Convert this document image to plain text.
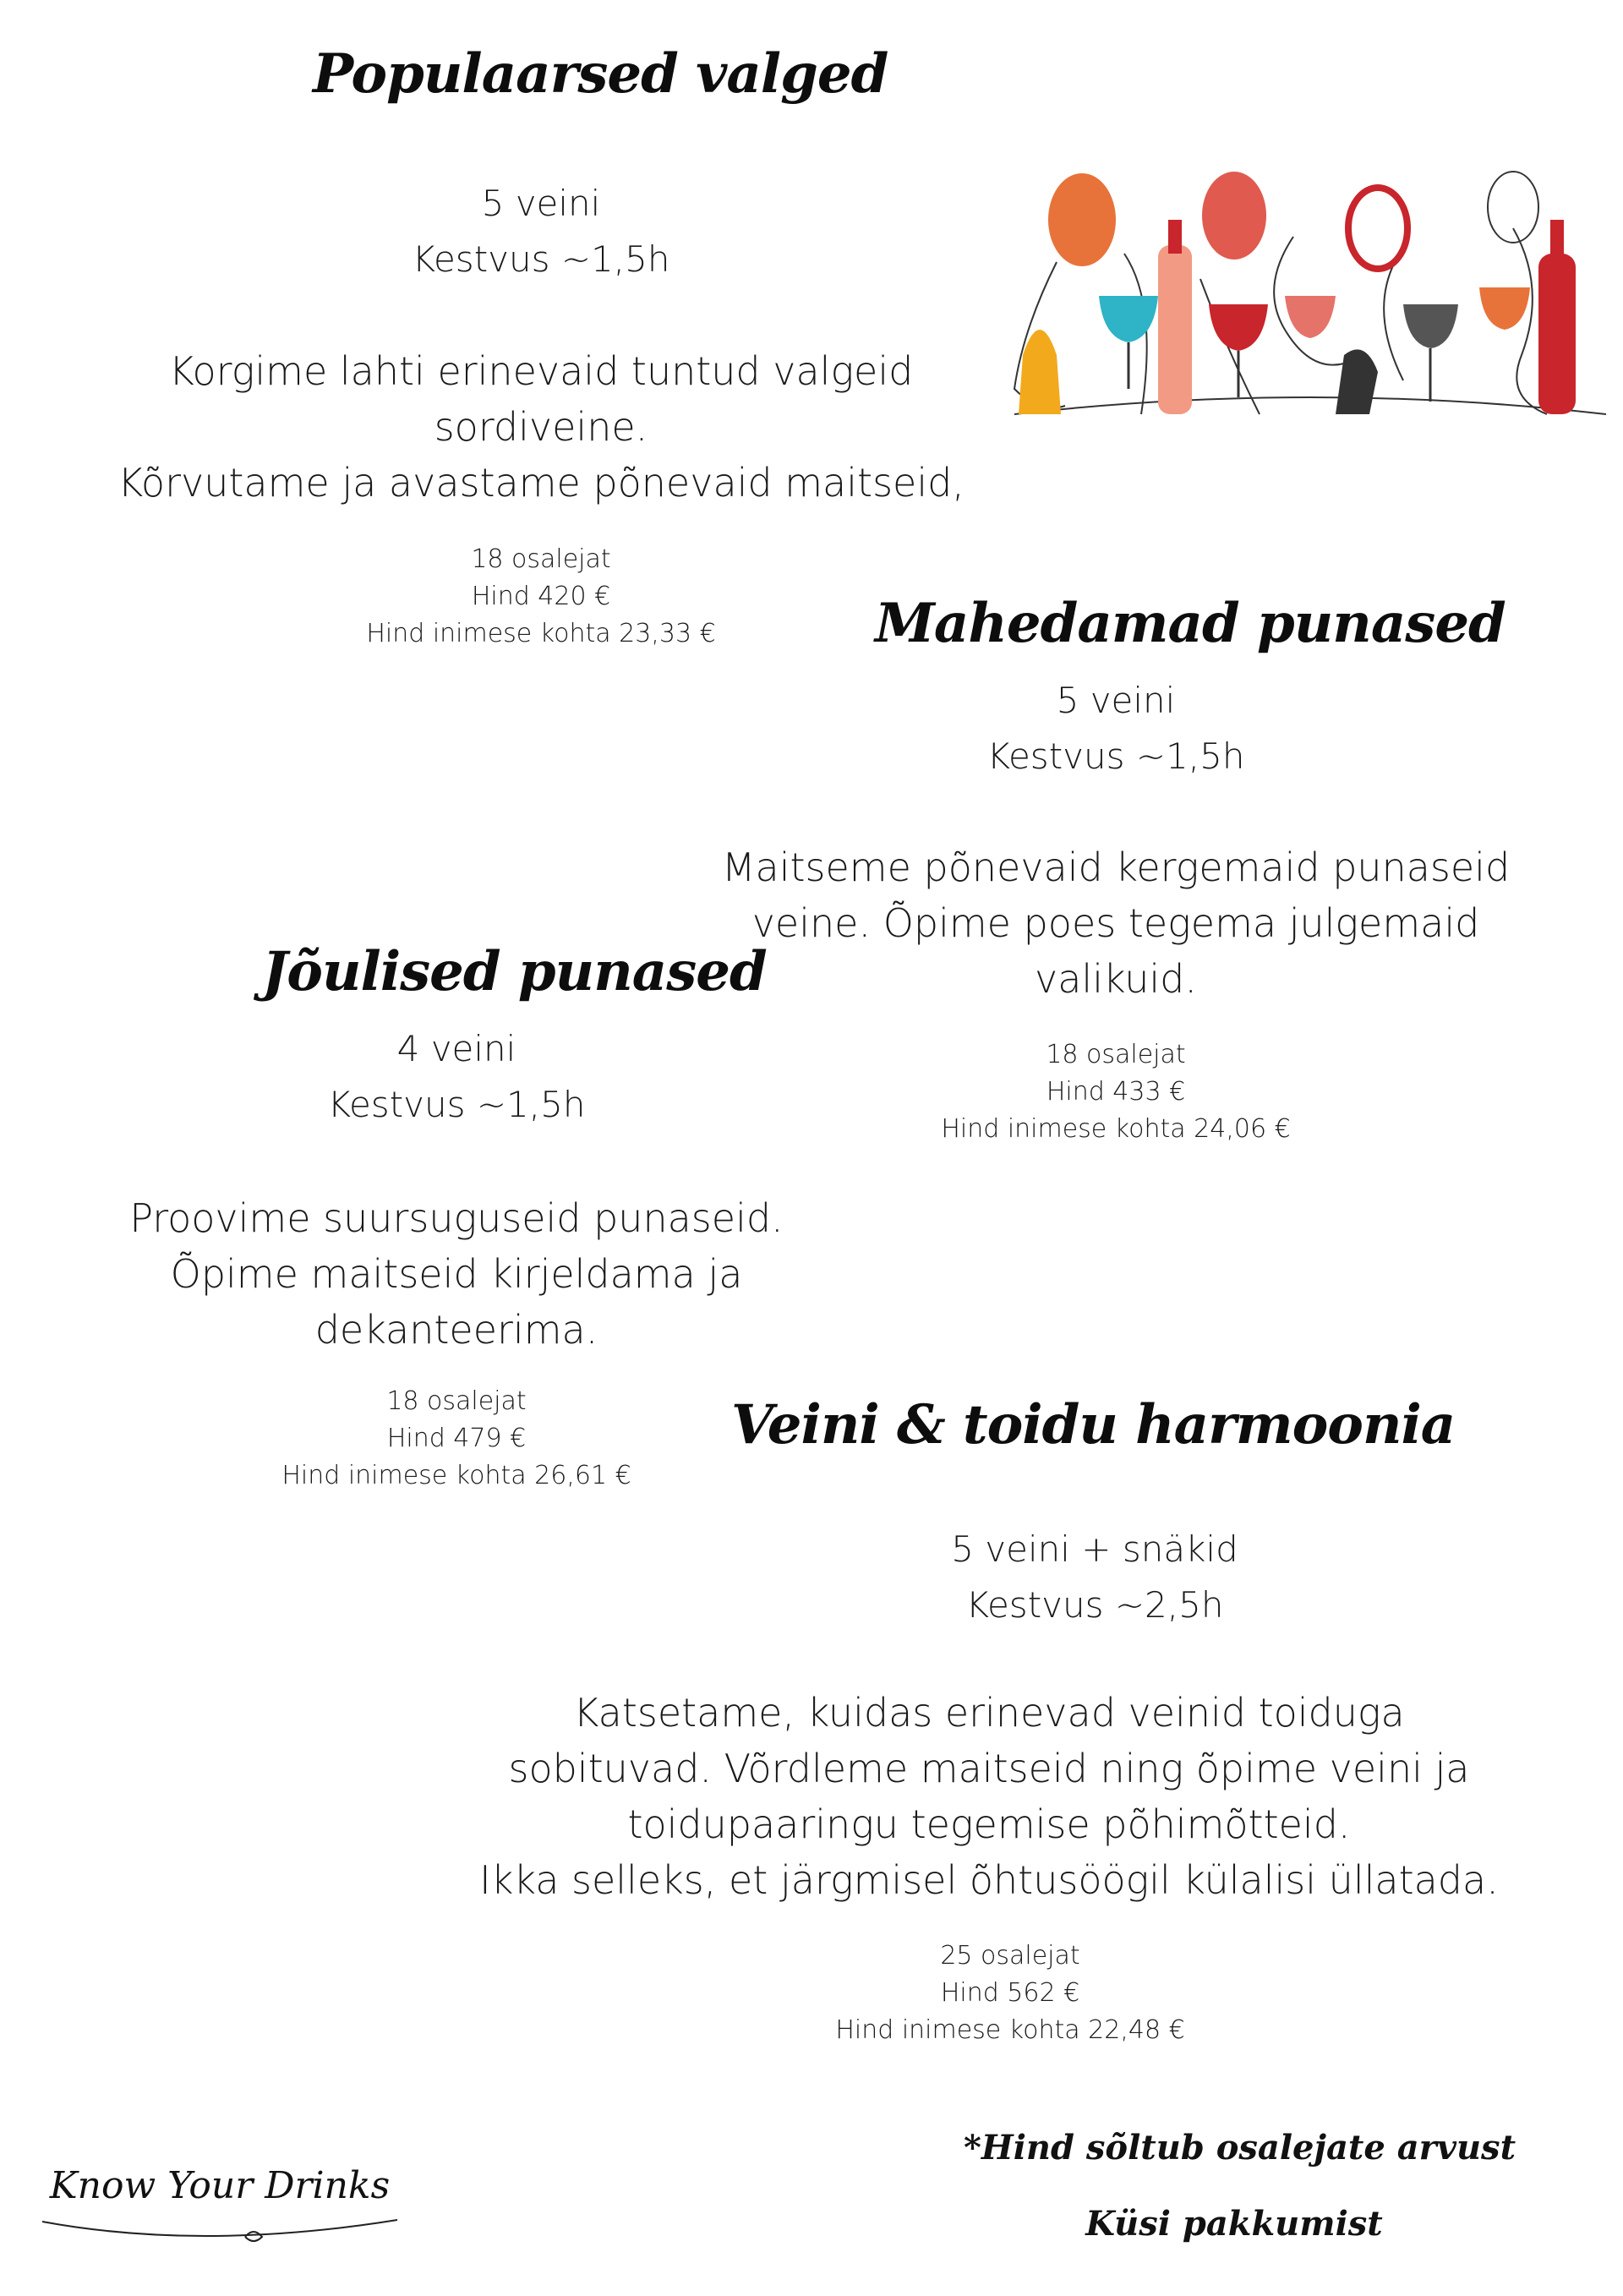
Populaarsed valged
5 veini
Kestvus ~1,5h
Korgime lahti erinevaid tuntud valgeid
sordiveine.
Kõrvutame ja avastame põnevaid maitseid,
18 osalejat
Hind 420 €
Hind inimese kohta 23,33 €	Mahedamad punased
5 veini
Kestvus ~1,5h
Maitseme põnevaid kergemaid punaseid
veine. Õpime poes tegema julgemaid
valikuid.
18 osalejat
Hind 433 €
Hind inimese kohta 24,06 €
Jõulised punased
4 veini
Kestvus ~1,5h
Proovime suursuguseid punaseid.
Õpime maitseid kirjeldama ja
dekanteerima.
18 osalejat
Hind 479 €
Hind inimese kohta 26,61 €
Veini & toidu harmoonia
5 veini + snäkid
Kestvus ~2,5h
Katsetame, kuidas erinevad veinid toiduga
sobituvad. Võrdleme maitseid ning õpime veini ja
toidupaaringu tegemise põhimõtteid.
Ikka selleks, et järgmisel õhtusöögil külalisi üllatada.
25 osalejat
Hind 562 €
Hind inimese kohta 22,48 €
*Hind sõltub osalejate arvust
Küsi pakkumist
Know Your Drinks
